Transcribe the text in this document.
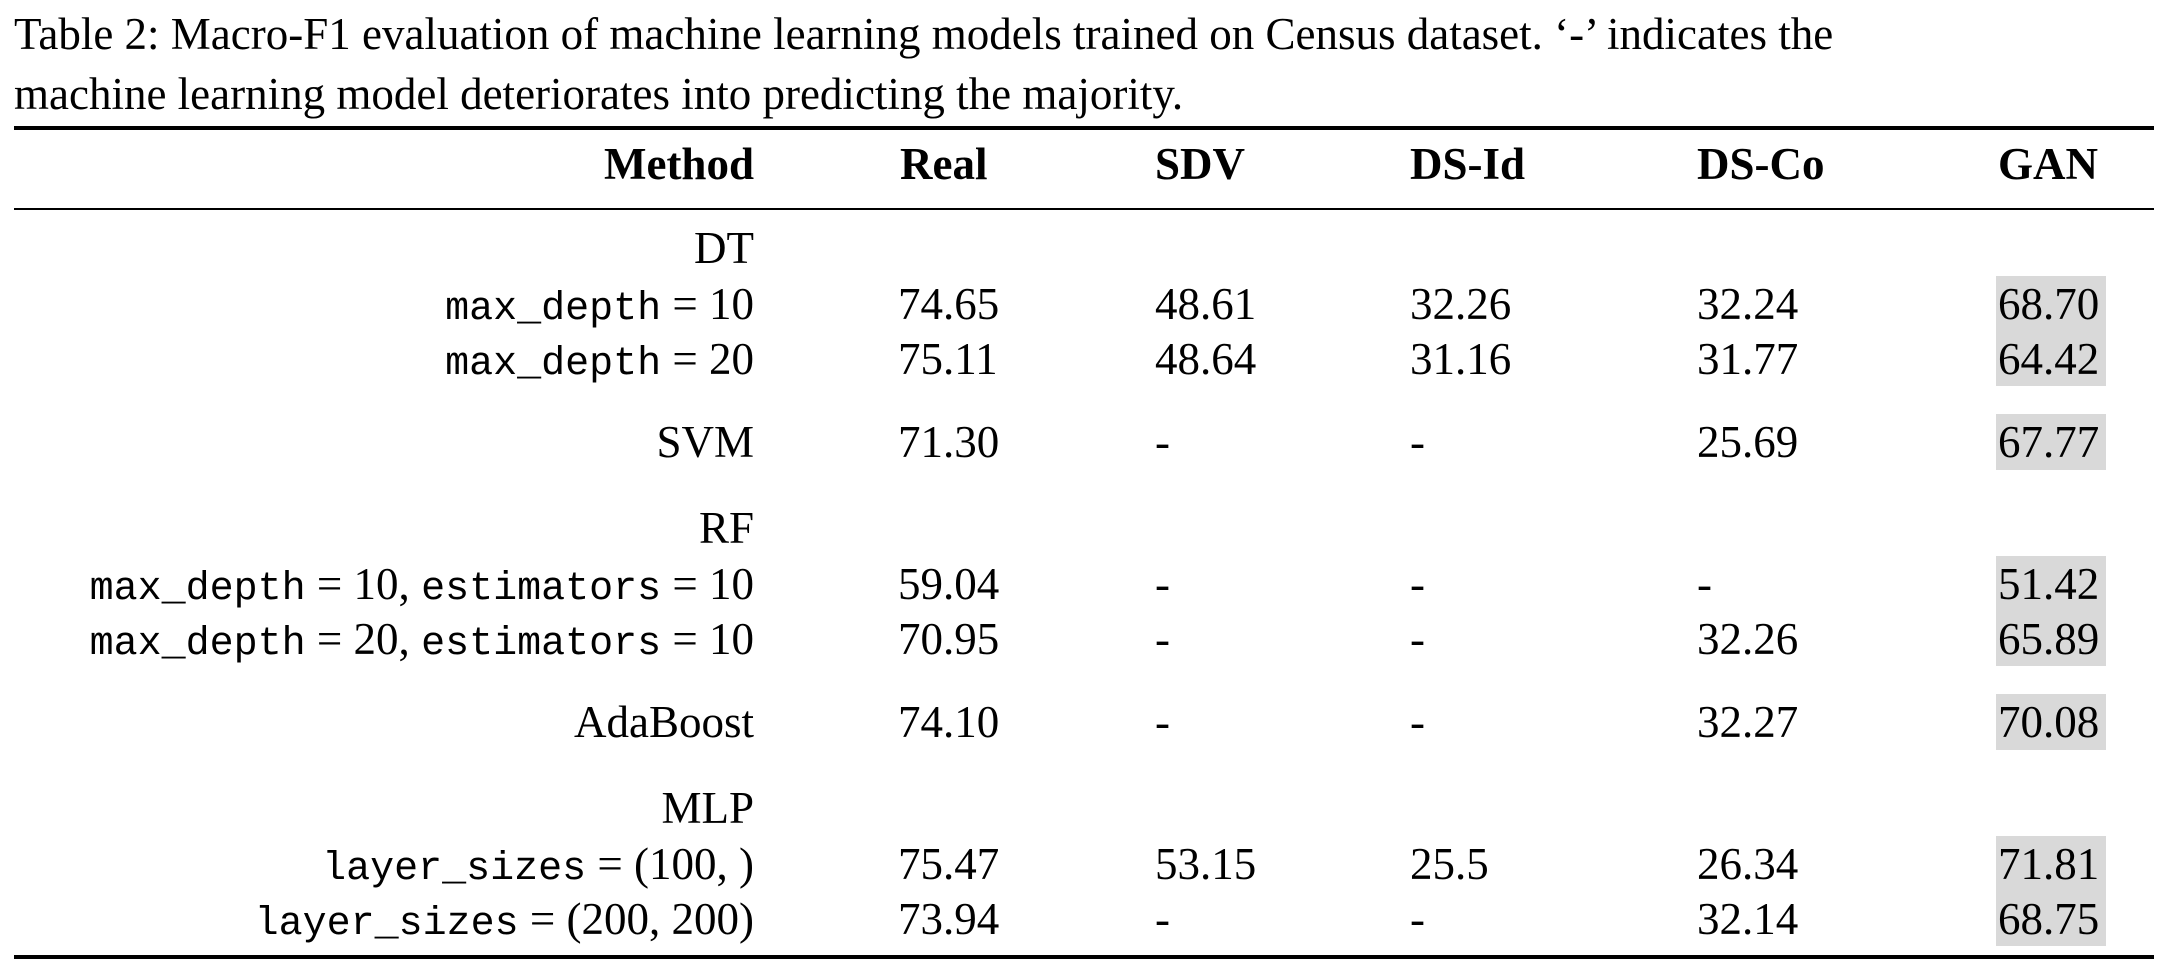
Table 2: Macro-F1 evaluation of machine learning models trained on Census dataset. ‘-’ indicates the
machine learning model deteriorates into predicting the majority.
Method	Real	SDV	DS-Id	DS-Co	GAN
DT
max_depth = 10	74.65	48.61	32.26	32.24	68.70
max_depth = 20	75.11	48.64	31.16	31.77	64.42
SVM	71.30	-	-	25.69	67.77
RF
max_depth = 10, estimators = 10	59.04	-	-	-	51.42
max_depth = 20, estimators = 10	70.95	-	-	32.26	65.89
AdaBoost	74.10	-	-	32.27	70.08
MLP
layer_sizes = (100, )	75.47	53.15	25.5	26.34	71.81
layer_sizes = (200, 200)	73.94	-	-	32.14	68.75
